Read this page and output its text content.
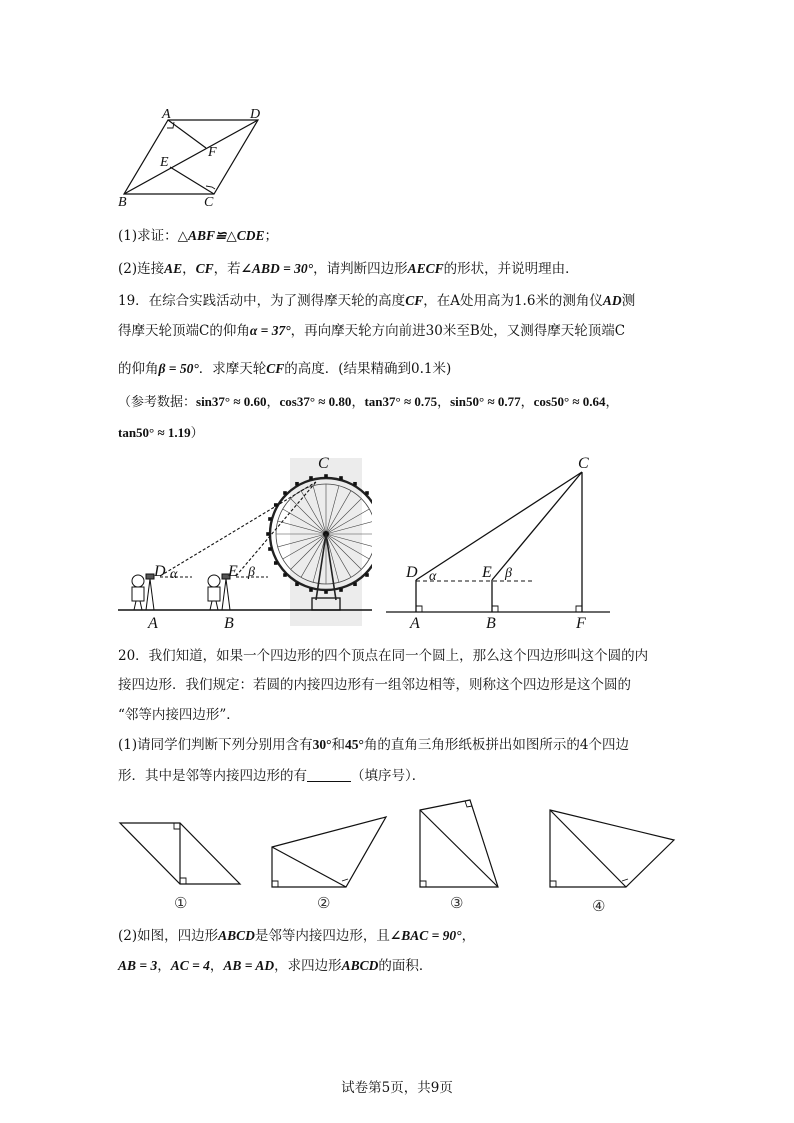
A	D
B	C
E
F
(1)求证：△ABF≌△CDE；
(2)连接AE，CF，若∠ABD = 30°，请判断四边形AECF的形状，并说明理由．
19．在综合实践活动中，为了测得摩天轮的高度CF，在A处用高为1.6米的测角仪AD测
得摩天轮顶端C的仰角α = 37°，再向摩天轮方向前进30米至B处，又测得摩天轮顶端C
的仰角β = 50°．求摩天轮CF的高度．(结果精确到0.1米)
（参考数据：sin37° ≈ 0.60，cos37° ≈ 0.80，tan37° ≈ 0.75，sin50° ≈ 0.77，cos50° ≈ 0.64，
tan50° ≈ 1.19）
C
D	E
A	B
α	β
C
D	E
A	B	F
α	β
20．我们知道，如果一个四边形的四个顶点在同一个圆上，那么这个四边形叫这个圆的内
接四边形．我们规定：若圆的内接四边形有一组邻边相等，则称这个四边形是这个圆的
“邻等内接四边形”．
(1)请同学们判断下列分别用含有30°和45°角的直角三角形纸板拼出如图所示的4个四边
形．其中是邻等内接四边形的有	（填序号）．
①	②	③	④
(2)如图，四边形ABCD是邻等内接四边形，且∠BAC = 90°，
AB = 3，AC = 4，AB = AD，求四边形ABCD的面积．
试卷第5页，共9页
